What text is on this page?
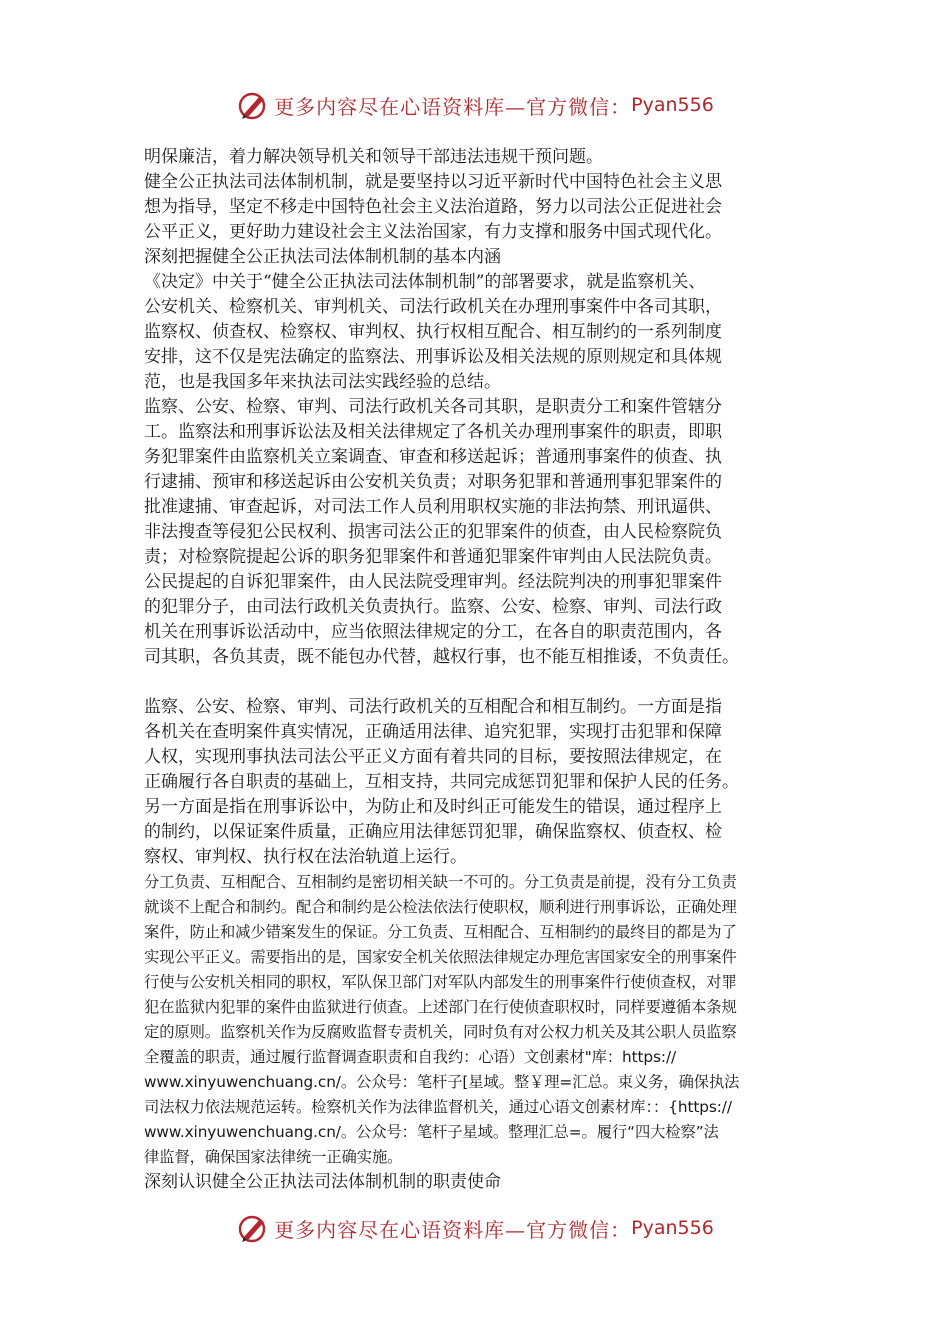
更多内容尽在心语资料库—官方微信： Pyan556
明保廉洁，着力解决领导机关和领导干部违法违规干预问题。
健全公正执法司法体制机制，就是要坚持以习近平新时代中国特色社会主义思
想为指导，坚定不移走中国特色社会主义法治道路，努力以司法公正促进社会
公平正义，更好助力建设社会主义法治国家，有力支撑和服务中国式现代化。
深刻把握健全公正执法司法体制机制的基本内涵
《决定》中关于“健全公正执法司法体制机制”的部署要求，就是监察机关、
公安机关、检察机关、审判机关、司法行政机关在办理刑事案件中各司其职，
监察权、侦查权、检察权、审判权、执行权相互配合、相互制约的一系列制度
安排，这不仅是宪法确定的监察法、刑事诉讼及相关法规的原则规定和具体规
范，也是我国多年来执法司法实践经验的总结。
监察、公安、检察、审判、司法行政机关各司其职，是职责分工和案件管辖分
工。监察法和刑事诉讼法及相关法律规定了各机关办理刑事案件的职责，即职
务犯罪案件由监察机关立案调查、审查和移送起诉；普通刑事案件的侦查、执
行逮捕、预审和移送起诉由公安机关负责；对职务犯罪和普通刑事犯罪案件的
批准逮捕、审查起诉，对司法工作人员利用职权实施的非法拘禁、刑讯逼供、
非法搜查等侵犯公民权利、损害司法公正的犯罪案件的侦查，由人民检察院负
责；对检察院提起公诉的职务犯罪案件和普通犯罪案件审判由人民法院负责。
公民提起的自诉犯罪案件，由人民法院受理审判。经法院判决的刑事犯罪案件
的犯罪分子，由司法行政机关负责执行。监察、公安、检察、审判、司法行政
机关在刑事诉讼活动中，应当依照法律规定的分工，在各自的职责范围内，各
司其职，各负其责，既不能包办代替，越权行事，也不能互相推诿，不负责任。
监察、公安、检察、审判、司法行政机关的互相配合和相互制约。一方面是指
各机关在查明案件真实情况，正确适用法律、追究犯罪，实现打击犯罪和保障
人权，实现刑事执法司法公平正义方面有着共同的目标，要按照法律规定，在
正确履行各自职责的基础上，互相支持，共同完成惩罚犯罪和保护人民的任务。
另一方面是指在刑事诉讼中，为防止和及时纠正可能发生的错误，通过程序上
的制约，以保证案件质量，正确应用法律惩罚犯罪，确保监察权、侦查权、检
察权、审判权、执行权在法治轨道上运行。
分工负责、互相配合、互相制约是密切相关缺一不可的。分工负责是前提，没有分工负责
就谈不上配合和制约。配合和制约是公检法依法行使职权，顺利进行刑事诉讼，正确处理
案件，防止和减少错案发生的保证。分工负责、互相配合、互相制约的最终目的都是为了
实现公平正义。需要指出的是，国家安全机关依照法律规定办理危害国家安全的刑事案件
行使与公安机关相同的职权，军队保卫部门对军队内部发生的刑事案件行使侦查权，对罪
犯在监狱内犯罪的案件由监狱进行侦查。上述部门在行使侦查职权时，同样要遵循本条规
定的原则。监察机关作为反腐败监督专责机关，同时负有对公权力机关及其公职人员监察
全覆盖的职责，通过履行监督调查职责和自我约：心语）文创素材"库：https://
www.xinyuwenchuang.cn/。公众号：笔杆子[星域。整￥理=汇总。束义务，确保执法
司法权力依法规范运转。检察机关作为法律监督机关，通过心语文创素材库：：{https://
www.xinyuwenchuang.cn/。公众号：笔杆子星域。整理汇总=。履行“四大检察”法
律监督，确保国家法律统一正确实施。
深刻认识健全公正执法司法体制机制的职责使命
更多内容尽在心语资料库—官方微信： Pyan556
